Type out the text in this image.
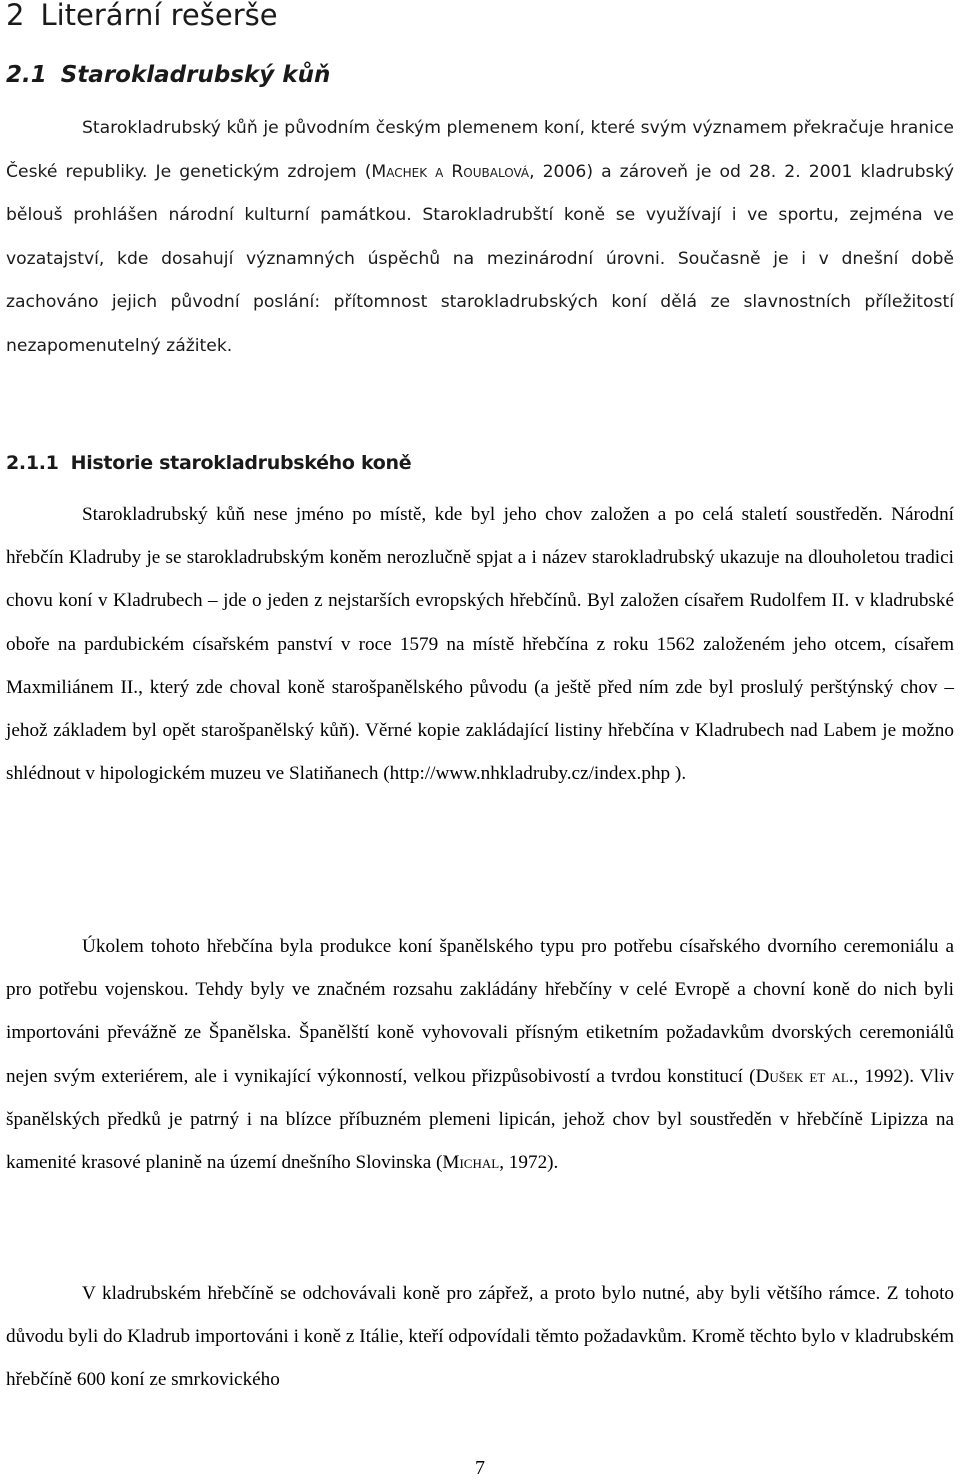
2 Literární rešerše
2.1 Starokladrubský kůň

Starokladrubský kůň je původním českým plemenem koní, které svým významem překračuje hranice České republiky. Je genetickým zdrojem (Machek a Roubalová, 2006) a zároveň je od 28. 2. 2001 kladrubský bělouš prohlášen národní kulturní památkou. Starokladrubští koně se využívají i ve sportu, zejména ve vozatajství, kde dosahují významných úspěchů na mezinárodní úrovni. Současně je i v dnešní době zachováno jejich původní poslání: přítomnost starokladrubských koní dělá ze slavnostních příležitostí nezapomenutelný zážitek.

2.1.1 Historie starokladrubského koně

Starokladrubský kůň nese jméno po místě, kde byl jeho chov založen a po celá staletí soustředěn. Národní hřebčín Kladruby je se starokladrubským koněm nerozlučně spjat a i název starokladrubský ukazuje na dlouholetou tradici chovu koní v Kladrubech – jde o jeden z nejstarších evropských hřebčínů. Byl založen císařem Rudolfem II. v kladrubské oboře na pardubickém císařském panství v roce 1579 na místě hřebčína z roku 1562 založeném jeho otcem, císařem Maxmiliánem II., který zde choval koně starošpanělského původu (a ještě před ním zde byl proslulý perštýnský chov – jehož základem byl opět starošpanělský kůň). Věrné kopie zakládající listiny hřebčína v Kladrubech nad Labem je možno shlédnout v hipologickém muzeu ve Slatiňanech (http://www.nhkladruby.cz/index.php ).

Úkolem tohoto hřebčína byla produkce koní španělského typu pro potřebu císařského dvorního ceremoniálu a pro potřebu vojenskou. Tehdy byly ve značném rozsahu zakládány hřebčíny v celé Evropě a chovní koně do nich byli importováni převážně ze Španělska. Španělští koně vyhovovali přísným etiketním požadavkům dvorských ceremoniálů nejen svým exteriérem, ale i vynikající výkonností, velkou přizpůsobivostí a tvrdou konstitucí (Dušek et al., 1992). Vliv španělských předků je patrný i na blízce příbuzném plemeni lipicán, jehož chov byl soustředěn v hřebčíně Lipizza na kamenité krasové planině na území dnešního Slovinska (Michal, 1972).

V kladrubském hřebčíně se odchovávali koně pro zápřež, a proto bylo nutné, aby byli většího rámce. Z tohoto důvodu byli do Kladrub importováni i koně z Itálie, kteří odpovídali těmto požadavkům. Kromě těchto bylo v kladrubském hřebčíně 600 koní ze smrkovického

7
